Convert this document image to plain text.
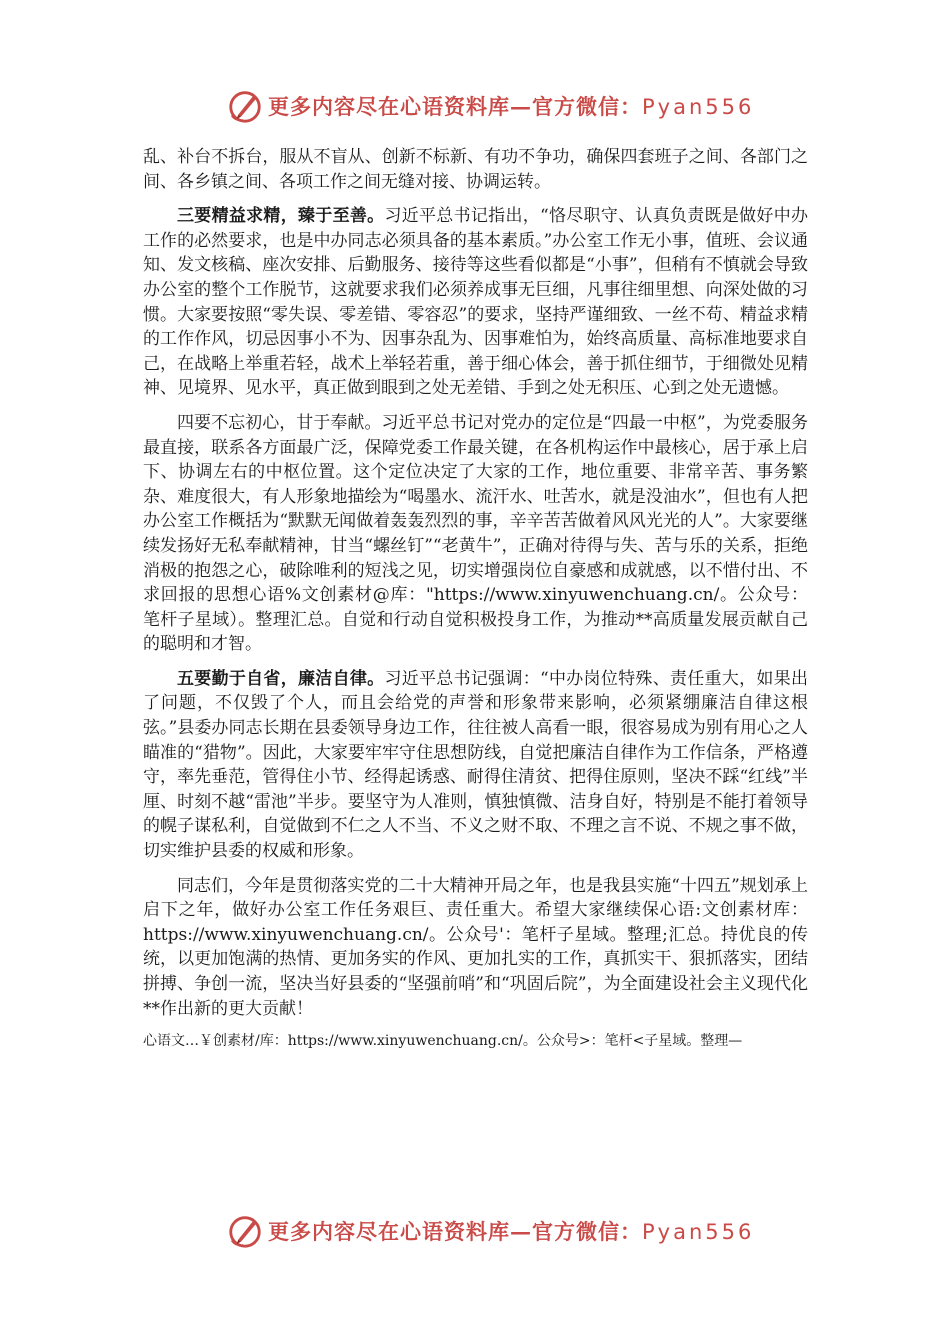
更多内容尽在心语资料库—官方微信：Pyan556

乱、补台不拆台，服从不盲从、创新不标新、有功不争功，确保四套班子之间、各部门之间、各乡镇之间、各项工作之间无缝对接、协调运转。

三要精益求精，臻于至善。习近平总书记指出，“恪尽职守、认真负责既是做好中办工作的必然要求，也是中办同志必须具备的基本素质。”办公室工作无小事，值班、会议通知、发文核稿、座次安排、后勤服务、接待等这些看似都是“小事”，但稍有不慎就会导致办公室的整个工作脱节，这就要求我们必须养成事无巨细，凡事往细里想、向深处做的习惯。大家要按照“零失误、零差错、零容忍”的要求，坚持严谨细致、一丝不苟、精益求精的工作作风，切忌因事小不为、因事杂乱为、因事难怕为，始终高质量、高标准地要求自己，在战略上举重若轻，战术上举轻若重，善于细心体会，善于抓住细节，于细微处见精神、见境界、见水平，真正做到眼到之处无差错、手到之处无积压、心到之处无遗憾。

四要不忘初心，甘于奉献。习近平总书记对党办的定位是“四最一中枢”，为党委服务最直接，联系各方面最广泛，保障党委工作最关键，在各机构运作中最核心，居于承上启下、协调左右的中枢位置。这个定位决定了大家的工作，地位重要、非常辛苦、事务繁杂、难度很大，有人形象地描绘为“喝墨水、流汗水、吐苦水，就是没油水”，但也有人把办公室工作概括为“默默无闻做着轰轰烈烈的事，辛辛苦苦做着风风光光的人”。大家要继续发扬好无私奉献精神，甘当“螺丝钉”“老黄牛”，正确对待得与失、苦与乐的关系，拒绝消极的抱怨之心，破除唯利的短浅之见，切实增强岗位自豪感和成就感，以不惜付出、不求回报的思想心语%文创素材@库："https://www.xinyuwenchuang.cn/。公众号：笔杆子星域）。整理汇总。自觉和行动自觉积极投身工作，为推动**高质量发展贡献自己的聪明和才智。

五要勤于自省，廉洁自律。习近平总书记强调：“中办岗位特殊、责任重大，如果出了问题，不仅毁了个人，而且会给党的声誉和形象带来影响，必须紧绷廉洁自律这根弦。”县委办同志长期在县委领导身边工作，往往被人高看一眼，很容易成为别有用心之人瞄准的“猎物”。因此，大家要牢牢守住思想防线，自觉把廉洁自律作为工作信条，严格遵守，率先垂范，管得住小节、经得起诱惑、耐得住清贫、把得住原则，坚决不踩“红线”半厘、时刻不越“雷池”半步。要坚守为人准则，慎独慎微、洁身自好，特别是不能打着领导的幌子谋私利，自觉做到不仁之人不当、不义之财不取、不理之言不说、不规之事不做，切实维护县委的权威和形象。

同志们，今年是贯彻落实党的二十大精神开局之年，也是我县实施“十四五”规划承上启下之年，做好办公室工作任务艰巨、责任重大。希望大家继续保心语:文创素材库：https://www.xinyuwenchuang.cn/。公众号'：笔杆子星域。整理;汇总。持优良的传统，以更加饱满的热情、更加务实的作风、更加扎实的工作，真抓实干、狠抓落实，团结拼搏、争创一流，坚决当好县委的“坚强前哨”和“巩固后院”，为全面建设社会主义现代化**作出新的更大贡献！

心语文…￥创素材/库：https://www.xinyuwenchuang.cn/。公众号>：笔杆<子星域。整理—

更多内容尽在心语资料库—官方微信：Pyan556
